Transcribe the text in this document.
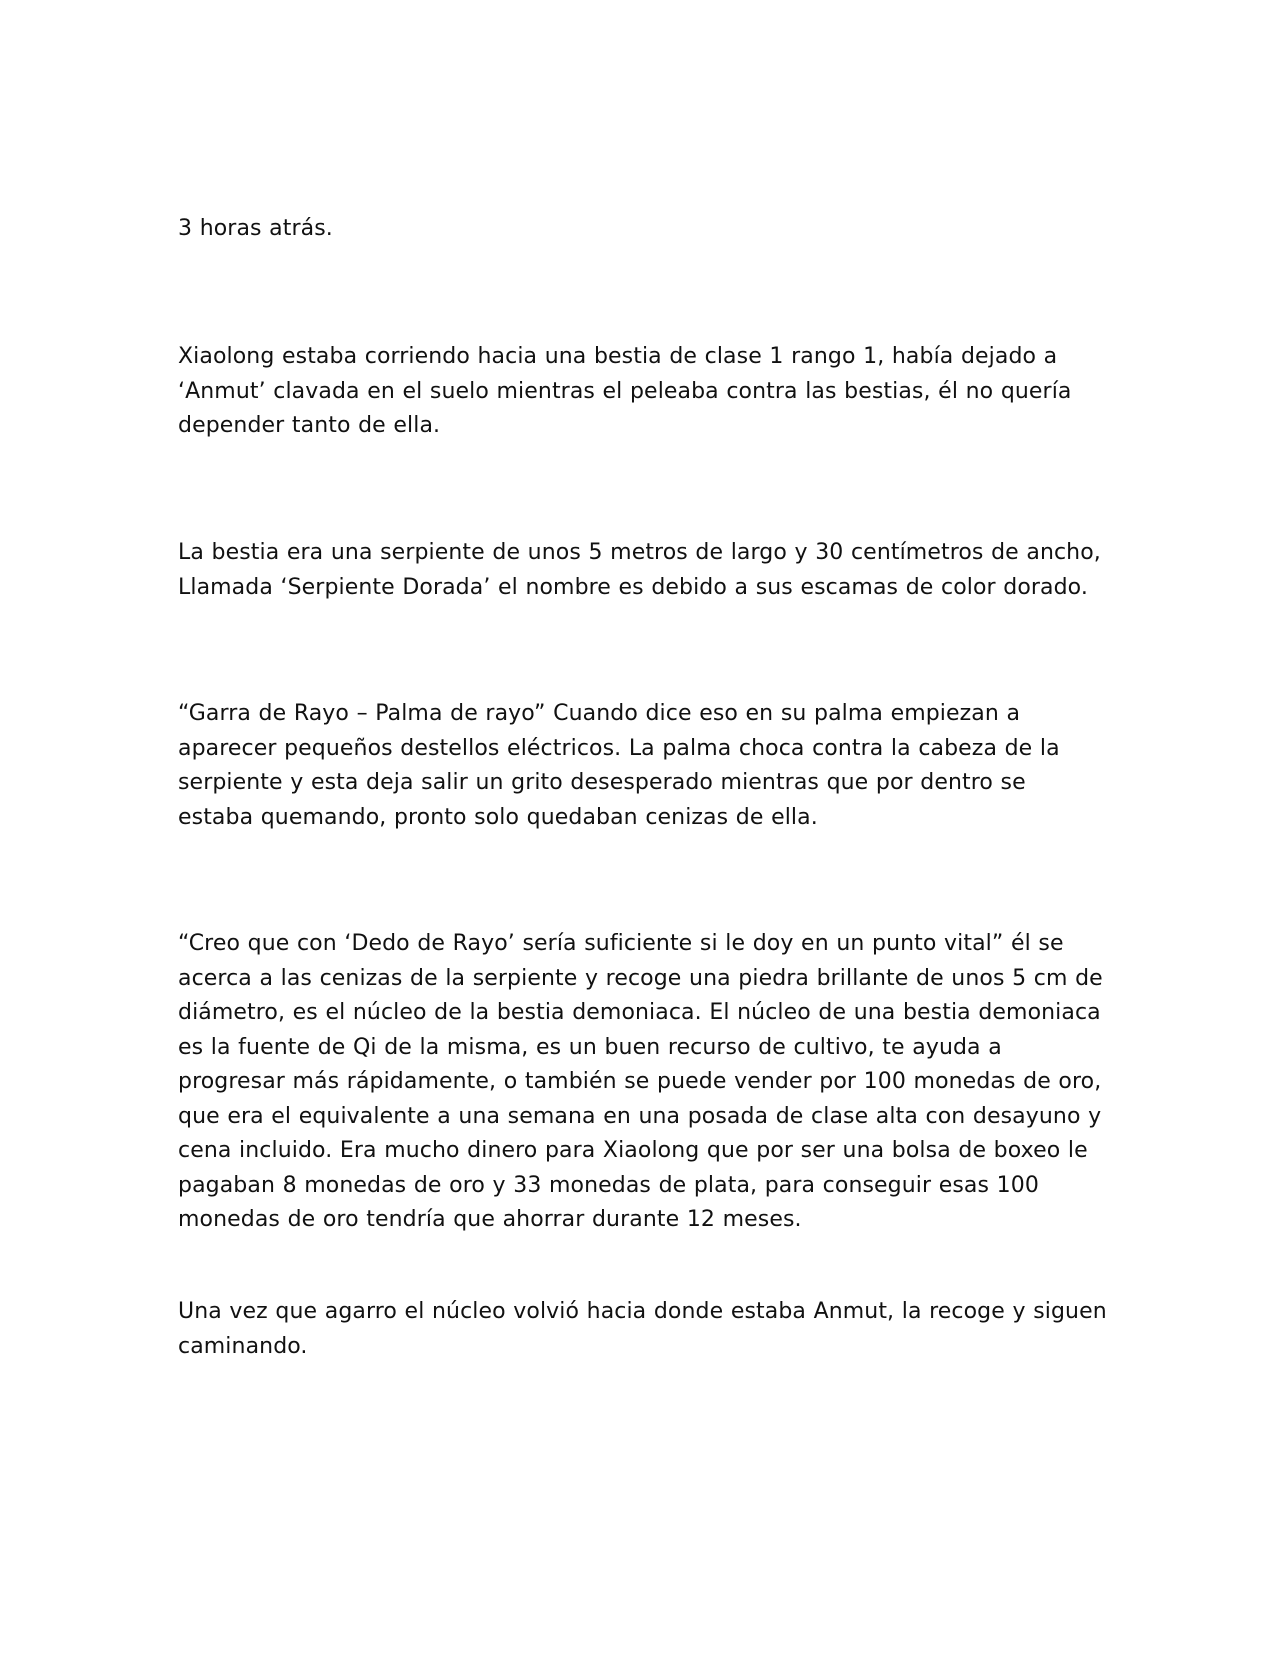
3 horas atrás.

Xiaolong estaba corriendo hacia una bestia de clase 1 rango 1, había dejado a ‘Anmut’ clavada en el suelo mientras el peleaba contra las bestias, él no quería depender tanto de ella.

La bestia era una serpiente de unos 5 metros de largo y 30 centímetros de ancho, Llamada ‘Serpiente Dorada’ el nombre es debido a sus escamas de color dorado.

“Garra de Rayo – Palma de rayo” Cuando dice eso en su palma empiezan a aparecer pequeños destellos eléctricos. La palma choca contra la cabeza de la serpiente y esta deja salir un grito desesperado mientras que por dentro se estaba quemando, pronto solo quedaban cenizas de ella.

“Creo que con ‘Dedo de Rayo’ sería suficiente si le doy en un punto vital” él se acerca a las cenizas de la serpiente y recoge una piedra brillante de unos 5 cm de diámetro, es el núcleo de la bestia demoniaca. El núcleo de una bestia demoniaca es la fuente de Qi de la misma, es un buen recurso de cultivo, te ayuda a progresar más rápidamente, o también se puede vender por 100 monedas de oro, que era el equivalente a una semana en una posada de clase alta con desayuno y cena incluido. Era mucho dinero para Xiaolong que por ser una bolsa de boxeo le pagaban 8 monedas de oro y 33 monedas de plata, para conseguir esas 100 monedas de oro tendría que ahorrar durante 12 meses.

Una vez que agarro el núcleo volvió hacia donde estaba Anmut, la recoge y siguen caminando.
